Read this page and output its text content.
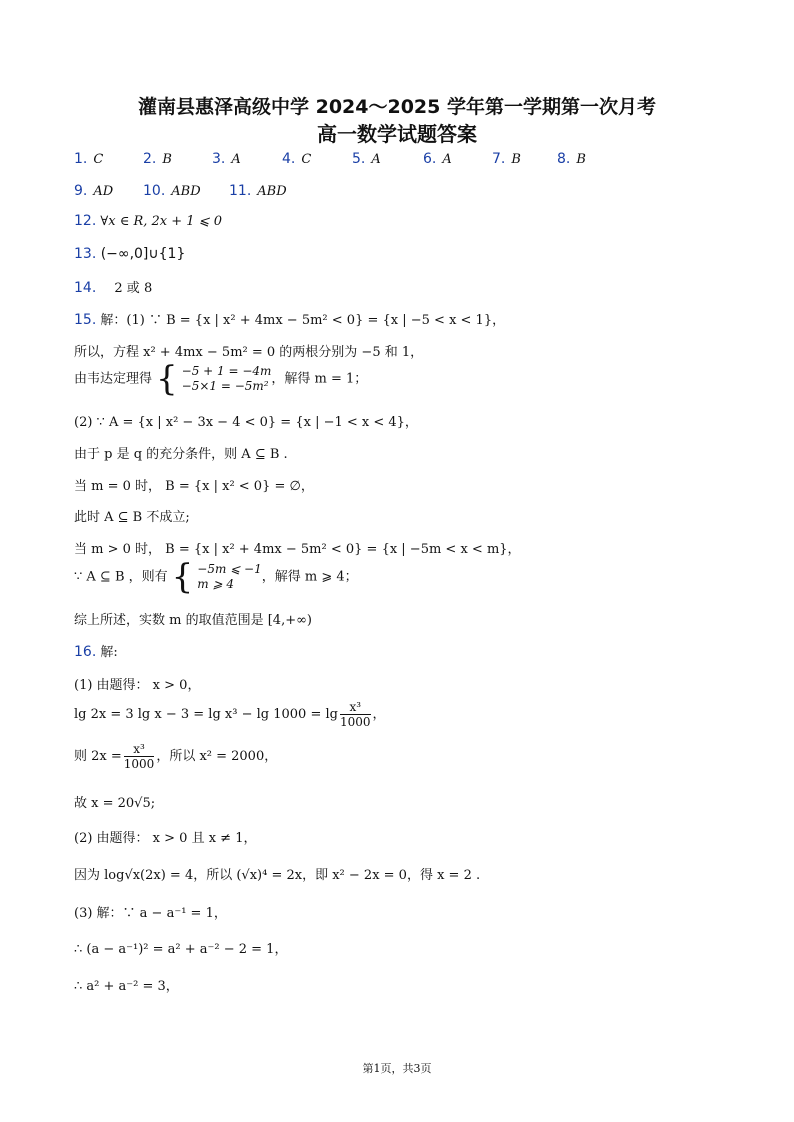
灌南县惠泽高级中学 2024～2025 学年第一学期第一次月考
高一数学试题答案
1. C	2. B	3. A	4. C	5. A	6. A	7. B	8. B
9. AD 10. ABD 11. ABD
12. ∀x ∈ R, 2x + 1 ⩽ 0
13. (−∞,0]∪{1}
14. 2 或 8
15. 解：(1) ∵ B = {x | x² + 4mx − 5m² < 0} = {x | −5 < x < 1}，
所以，方程 x² + 4mx − 5m² = 0 的两根分别为 −5 和 1，
由韦达定理得 { −5 + 1 = −4m
−5×1 = −5m² ，解得 m = 1；
(2) ∵ A = {x | x² − 3x − 4 < 0} = {x | −1 < x < 4}，
由于 p 是 q 的充分条件，则 A ⊆ B .
当 m = 0 时， B = {x | x² < 0} = ∅，
此时 A ⊆ B 不成立;
当 m > 0 时， B = {x | x² + 4mx − 5m² < 0} = {x | −5m < x < m}，
∵ A ⊆ B ，则有 { −5m ⩽ −1
m ⩾ 4	，解得 m ⩾ 4；
综上所述，实数 m 的取值范围是 [4,+∞)
16. 解:
(1) 由题得： x > 0，
lg 2x = 3 $\lg x - 3 = \lg x^3 - \lg 1000 = \lg \frac{\text{x³}}{1000}$ ，
则 $2x = \frac{\text{x³}}{1000}$ ，所以 x² = 2000，
故 x = 20√5;
(2) 由题得： x > 0 且 x ≠ 1，
因为 log√x(2x) = 4，所以 (√x)⁴ = 2x，即 x² − 2x = 0，得 x = 2 .
(3) 解：∵ a − a⁻¹ = 1，
∴ (a − a⁻¹)² = a² + a⁻² − 2 = 1，
∴ a² + a⁻² = 3，
第1页，共3页
